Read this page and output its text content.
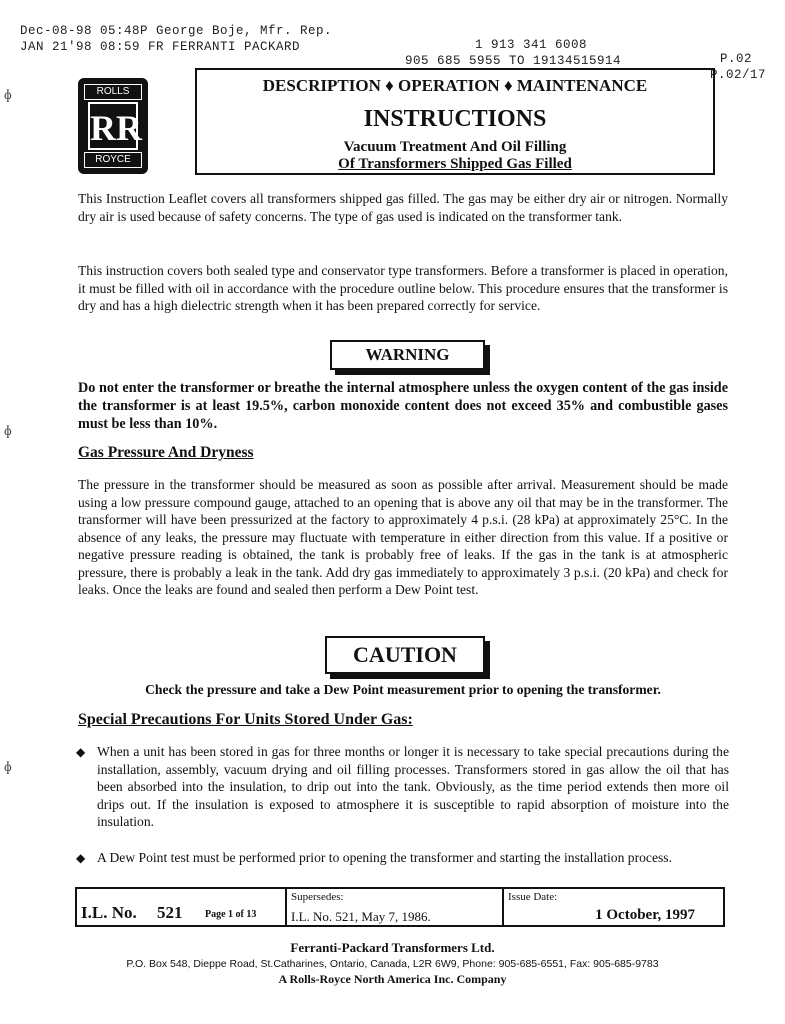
Dec-08-98 05:48P George Boje, Mfr. Rep.

1 913 341 6008

P.02

JAN 21'98 08:59 FR FERRANTI PACKARD

905 685 5955 TO 19134515914

P.02/17

ɸ
ɸ
ɸ
ROLLS
RR
ROYCE
DESCRIPTION ♦ OPERATION ♦ MAINTENANCE
INSTRUCTIONS
Vacuum Treatment And Oil Filling
Of Transformers Shipped Gas Filled
This Instruction Leaflet covers all transformers shipped gas filled. The gas may be either dry air or nitrogen. Normally dry air is used because of safety concerns. The type of gas used is indicated on the transformer tank.
This instruction covers both sealed type and conservator type transformers. Before a transformer is placed in operation, it must be filled with oil in accordance with the procedure outline below. This procedure ensures that the transformer is dry and has a high dielectric strength when it has been prepared correctly for service.
WARNING
Do not enter the transformer or breathe the internal atmosphere unless the oxygen content of the gas inside the transformer is at least 19.5%, carbon monoxide content does not exceed 35% and combustible gases must be less than 10%.
Gas Pressure And Dryness
The pressure in the transformer should be measured as soon as possible after arrival. Measurement should be made using a low pressure compound gauge, attached to an opening that is above any oil that may be in the transformer. The transformer will have been pressurized at the factory to approximately 4 p.s.i. (28 kPa) at approximately 25°C. In the absence of any leaks, the pressure may fluctuate with temperature in either direction from this value. If a positive or negative pressure reading is obtained, the tank is probably free of leaks. If the gas in the tank is at atmospheric pressure, there is probably a leak in the tank. Add dry gas immediately to approximately 3 p.s.i. (20 kPa) and check for leaks. Once the leaks are found and sealed then perform a Dew Point test.
CAUTION
Check the pressure and take a Dew Point measurement prior to opening the transformer.
Special Precautions For Units Stored Under Gas:
◆ When a unit has been stored in gas for three months or longer it is necessary to take special precautions during the installation, assembly, vacuum drying and oil filling processes. Transformers stored in gas allow the oil that has been absorbed into the insulation, to drip out into the tank. Obviously, as the time period extends then more oil drips out. If the insulation is exposed to atmosphere it is susceptible to rapid absorption of moisture into the insulation.
◆ A Dew Point test must be performed prior to opening the transformer and starting the installation process.
I.L. No. 521 Page 1 of 13
Supersedes:
I.L. No. 521, May 7, 1986.
Issue Date:
1 October, 1997
Ferranti-Packard Transformers Ltd.
P.O. Box 548, Dieppe Road, St.Catharines, Ontario, Canada, L2R 6W9, Phone: 905-685-6551, Fax: 905-685-9783
A Rolls-Royce North America Inc. Company
